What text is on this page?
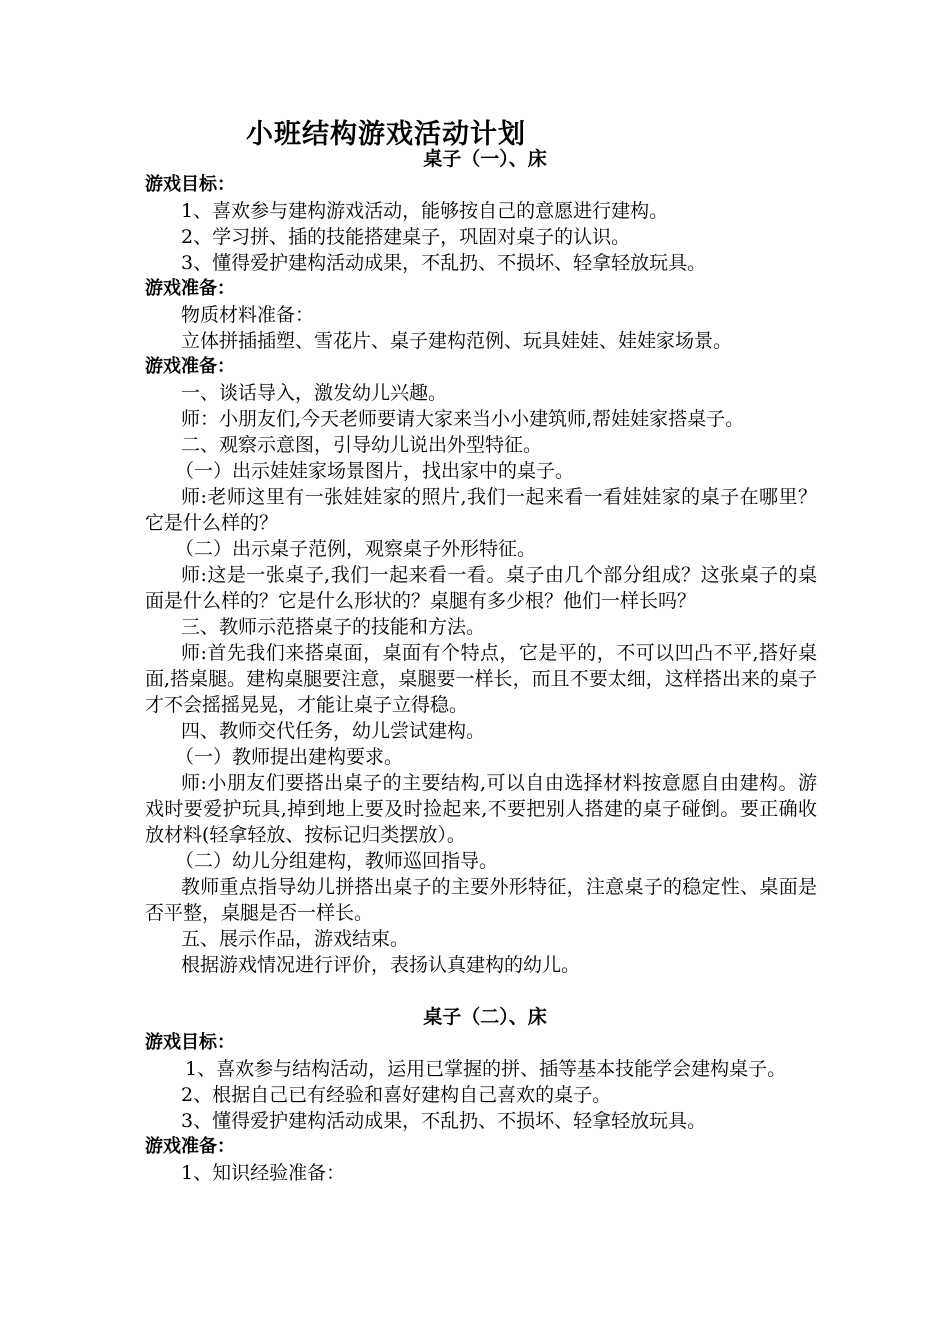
小班结构游戏活动计划
桌子（一）、床
游戏目标：

1、喜欢参与建构游戏活动，能够按自己的意愿进行建构。

2、学习拼、插的技能搭建桌子，巩固对桌子的认识。

3、懂得爱护建构活动成果，不乱扔、不损坏、轻拿轻放玩具。

游戏准备：

物质材料准备：

立体拼插插塑、雪花片、桌子建构范例、玩具娃娃、娃娃家场景。

游戏准备：

一、谈话导入，激发幼儿兴趣。

师：小朋友们,今天老师要请大家来当小小建筑师,帮娃娃家搭桌子。

二、观察示意图，引导幼儿说出外型特征。

（一）出示娃娃家场景图片，找出家中的桌子。

师:老师这里有一张娃娃家的照片,我们一起来看一看娃娃家的桌子在哪里？它是什么样的？

（二）出示桌子范例，观察桌子外形特征。

师:这是一张桌子,我们一起来看一看。桌子由几个部分组成？这张桌子的桌面是什么样的？它是什么形状的？桌腿有多少根？他们一样长吗？

三、教师示范搭桌子的技能和方法。

师:首先我们来搭桌面，桌面有个特点，它是平的，不可以凹凸不平,搭好桌面,搭桌腿。建构桌腿要注意，桌腿要一样长，而且不要太细，这样搭出来的桌子才不会摇摇晃晃，才能让桌子立得稳。

四、教师交代任务，幼儿尝试建构。

（一）教师提出建构要求。

师:小朋友们要搭出桌子的主要结构,可以自由选择材料按意愿自由建构。游戏时要爱护玩具,掉到地上要及时捡起来,不要把别人搭建的桌子碰倒。要正确收放材料(轻拿轻放、按标记归类摆放）。

（二）幼儿分组建构，教师巡回指导。

教师重点指导幼儿拼搭出桌子的主要外形特征，注意桌子的稳定性、桌面是否平整，桌腿是否一样长。

五、展示作品，游戏结束。

根据游戏情况进行评价，表扬认真建构的幼儿。

桌子（二）、床
游戏目标：

1、喜欢参与结构活动，运用已掌握的拼、插等基本技能学会建构桌子。

2、根据自己已有经验和喜好建构自己喜欢的桌子。

3、懂得爱护建构活动成果，不乱扔、不损坏、轻拿轻放玩具。

游戏准备：

1、知识经验准备：
